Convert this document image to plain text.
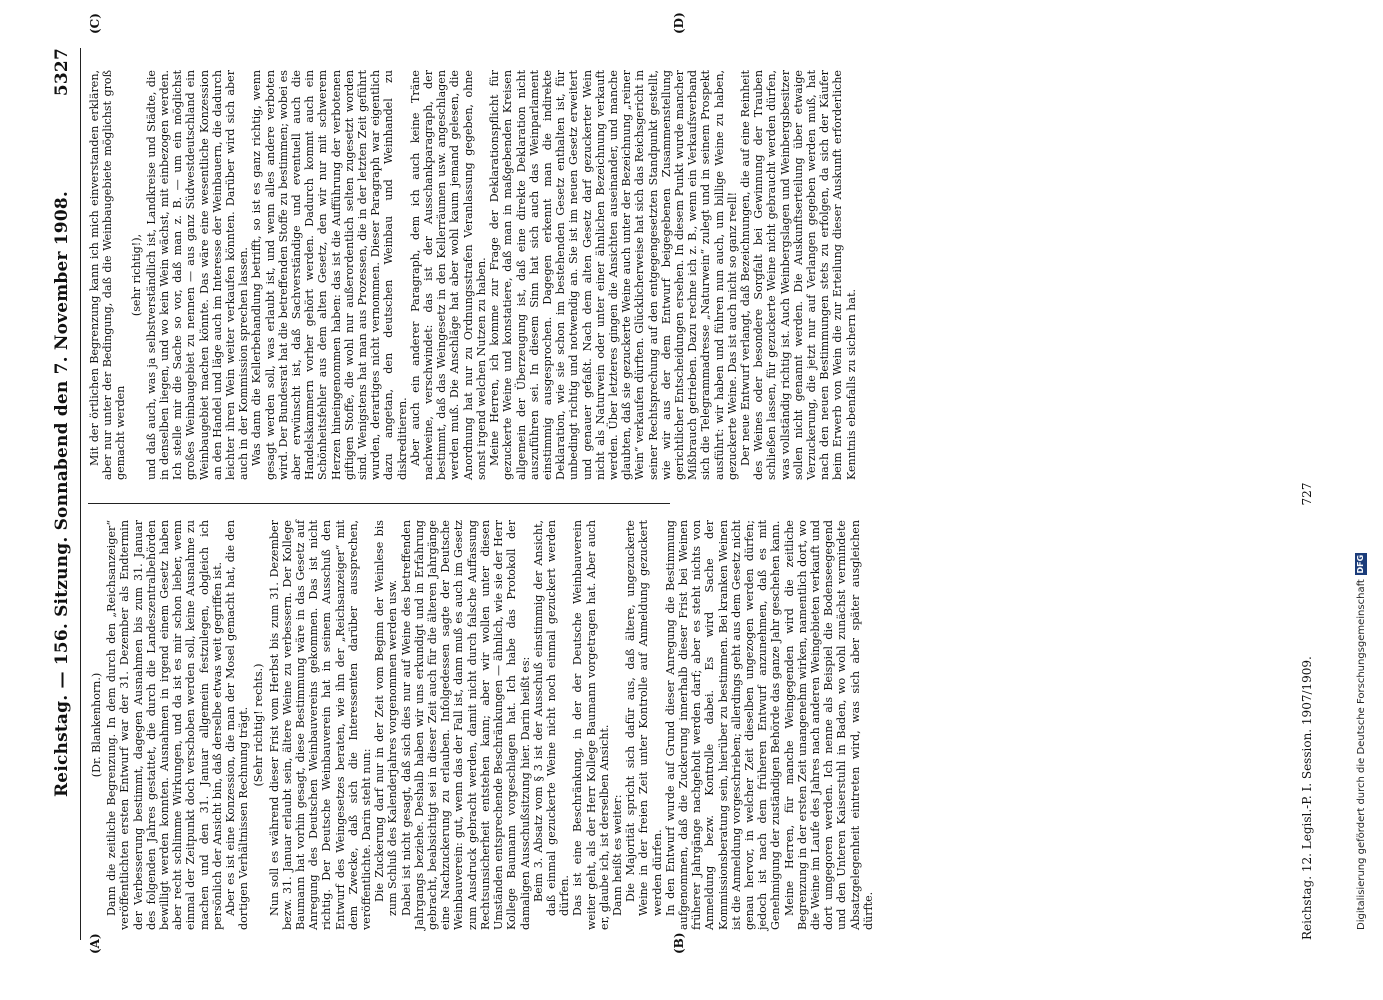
Reichstag. — 156. Sitzung. Sonnabend den 7. November 1908.
5327
(A)	(B)
(C)	(D)

(Dr. Blankenhorn.) Dann die zeitliche Begrenzung. In dem durch den „Reichsanzeiger“ veröffentlichten ersten Entwurf war der 31. Dezember als Endtermin der Verbesserung bestimmt, dagegen Ausnahmen bis zum 31. Januar des folgenden Jahres gestattet, die durch die Landeszentralbehörden bewilligt werden konnten. Ausnahmen in irgend einem Gesetz haben aber recht schlimme Wirkungen, und da ist es mir schon lieber, wenn einmal der Zeitpunkt doch verschoben werden soll, keine Ausnahme zu machen und den 31. Januar allgemein festzulegen, obgleich ich persönlich der Ansicht bin, daß derselbe etwas weit gegriffen ist. Aber es ist eine Konzession, die man der Mosel gemacht hat, die den dortigen Verhältnissen Rechnung trägt. (Sehr richtig! rechts.) Nun soll es während dieser Frist vom Herbst bis zum 31. Dezember bezw. 31. Januar erlaubt sein, ältere Weine zu verbessern. Der Kollege Baumann hat vorhin gesagt, diese Bestimmung wäre in das Gesetz auf Anregung des Deutschen Weinbauvereins gekommen. Das ist nicht richtig. Der Deutsche Weinbauverein hat in seinem Ausschuß den Entwurf des Weingesetzes beraten, wie ihn der „Reichsanzeiger“ mit dem Zwecke, daß sich die Interessenten darüber aussprechen, veröffentlichte. Darin steht nun: Die Zuckerung darf nur in der Zeit vom Beginn der Weinlese bis zum Schluß des Kalenderjahres vorgenommen werden usw. Dabei ist nicht gesagt, daß sich dies nur auf Weine des betreffenden Jahrgangs beziehe. Deshalb haben wir uns erkundigt und in Erfahrung gebracht, beabsichtigt sei in dieser Zeit auch für die älteren Jahrgänge eine Nachzuckerung zu erlauben. Infolgedessen sagte der Deutsche Weinbauverein: gut, wenn das der Fall ist, dann muß es auch im Gesetz zum Ausdruck gebracht werden, damit nicht durch falsche Auffassung Rechtsunsicherheit entstehen kann; aber wir wollen unter diesen Umständen entsprechende Beschränkungen — ähnlich, wie sie der Herr Kollege Baumann vorgeschlagen hat. Ich habe das Protokoll der damaligen Ausschußsitzung hier. Darin heißt es: Beim 3. Absatz vom § 3 ist der Ausschuß einstimmig der Ansicht, daß einmal gezuckerte Weine nicht noch einmal gezuckert werden dürfen. Das ist eine Beschränkung, in der der Deutsche Weinbauverein weiter geht, als der Herr Kollege Baumann vorgetragen hat. Aber auch er, glaube ich, ist derselben Ansicht. Dann heißt es weiter: Die Majorität spricht sich dafür aus, daß ältere, ungezuckerte Weine in der freien Zeit unter Kontrolle auf Anmeldung gezuckert werden dürfen. In den Entwurf wurde auf Grund dieser Anregung die Bestimmung aufgenommen, daß die Zuckerung innerhalb dieser Frist bei Weinen früherer Jahrgänge nachgeholt werden darf; aber es steht nichts von Anmeldung bezw. Kontrolle dabei. Es wird Sache der Kommissionsberatung sein, hierüber zu bestimmen. Bei kranken Weinen ist die Anmeldung vorgeschrieben; allerdings geht aus dem Gesetz nicht genau hervor, in welcher Zeit dieselben ungezogen werden dürfen; jedoch ist nach dem früheren Entwurf anzunehmen, daß es mit Genehmigung der zuständigen Behörde das ganze Jahr geschehen kann. Meine Herren, für manche Weingegenden wird die zeitliche Begrenzung in der ersten Zeit unangenehm wirken, namentlich dort, wo die Weine im Laufe des Jahres nach anderen Weingebieten verkauft und dort umgegoren werden. Ich nenne als Beispiel die Bodenseegegend und den Unteren Kaiserstuhl in Baden, wo wohl zunächst vermindete Absatzgelegenheit eintreten wird, was sich aber später ausgleichen dürfte.

Mit der örtlichen Begrenzung kann ich mich einverstanden erklären, aber nur unter der Bedingung, daß die Weinbaugebiete möglichst groß gemacht werden

(sehr richtig!), und daß auch, was ja selbstverständlich ist, Landkreise und Städte, die in denselben liegen, und wo kein Wein wächst, mit einbezogen werden. Ich stelle mir die Sache so vor, daß man z. B. — um ein möglichst großes Weinbaugebiet zu nennen — aus ganz Südwestdeutschland ein Weinbaugebiet machen könnte. Das wäre eine wesentliche Konzession an den Handel und läge auch im Interesse der Weinbauern, die dadurch leichter ihren Wein weiter verkaufen könnten. Darüber wird sich aber auch in der Kommission sprechen lassen. Was dann die Kellerbehandlung betrifft, so ist es ganz richtig, wenn gesagt werden soll, was erlaubt ist, und wenn alles andere verboten wird. Der Bundesrat hat die betreffenden Stoffe zu bestimmen; wobei es aber erwünscht ist, daß Sachverständige und eventuell auch die Handelskammern vorher gehört werden. Dadurch kommt auch ein Schönheitsfehler aus dem alten Gesetz, den wir nur mit schwerem Herzen hineingenommen haben: das ist die Aufführung der verbotenen giftigen Stoffe, die wohl nur außerordentlich selten zugesetzt worden sind. Wenigstens hat man aus Prozessen, die in der letzten Zeit geführt wurden, derartiges nicht vernommen. Dieser Paragraph war eigentlich dazu angetan, den deutschen Weinbau und Weinhandel zu diskreditieren. Aber auch ein anderer Paragraph, dem ich auch keine Träne nachweine, verschwindet: das ist der Ausschankparagraph, der bestimmt, daß das Weingesetz in den Kellerräumen usw. angeschlagen werden muß. Die Anschläge hat aber wohl kaum jemand gelesen, die Anordnung hat nur zu Ordnungsstrafen Veranlassung gegeben, ohne sonst irgend welchen Nutzen zu haben. Meine Herren, ich komme zur Frage der Deklarationspflicht für gezuckerte Weine und konstatiere, daß man in maßgebenden Kreisen allgemein der Überzeugung ist, daß eine direkte Deklaration nicht auszuführen sei. In diesem Sinn hat sich auch das Weinparlament einstimmig ausgesprochen. Dagegen erkennt man die indirekte Deklaration, wie sie schon im bestehenden Gesetz enthalten ist, für unbedingt richtig und notwendig an. Sie ist im neuen Gesetz erweitert und genauer gefaßt. Nach dem alten Gesetz darf gezuckerter Wein nicht als Naturwein oder unter einer ähnlichen Bezeichnung verkauft werden. Über letzteres gingen die Ansichten auseinander, und manche glaubten, daß sie gezuckerte Weine auch unter der Bezeichnung „reiner Wein“ verkaufen dürften. Glücklicherweise hat sich das Reichsgericht in seiner Rechtsprechung auf den entgegengesetzten Standpunkt gestellt, wie wir aus der dem Entwurf beigegebenen Zusammenstellung gerichtlicher Entscheidungen ersehen. In diesem Punkt wurde mancher Mißbrauch getrieben. Dazu rechne ich z. B., wenn ein Verkaufsverband sich die Telegrammadresse „Naturwein“ zulegt und in seinem Prospekt ausführt: wir haben und führen nun auch, um billige Weine zu haben, gezuckerte Weine. Das ist auch nicht so ganz reell! Der neue Entwurf verlangt, daß Bezeichnungen, die auf eine Reinheit des Weines oder besondere Sorgfalt bei Gewinnung der Trauben schließen lassen, für gezuckerte Weine nicht gebraucht werden dürfen, was vollständig richtig ist. Auch Weinbergslagen und Weinbergsbesitzer sollen nicht genannt werden. Die Auskunftserteilung über etwaige Verzuckerung, die jetzt nur auf Verlangen gegeben werden muß, hat nach den neuen Bestimmungen stets zu erfolgen, da sich der Käufer beim Erwerb von Wein die zur Erteilung dieser Auskunft erforderliche Kenntnis ebenfalls zu sichern hat.

Reichstag. 12. Legisl.-P. I. Session. 1907/1909.
727
Digitalisierung gefördert durch die Deutsche Forschungsgemeinschaft
DFG
